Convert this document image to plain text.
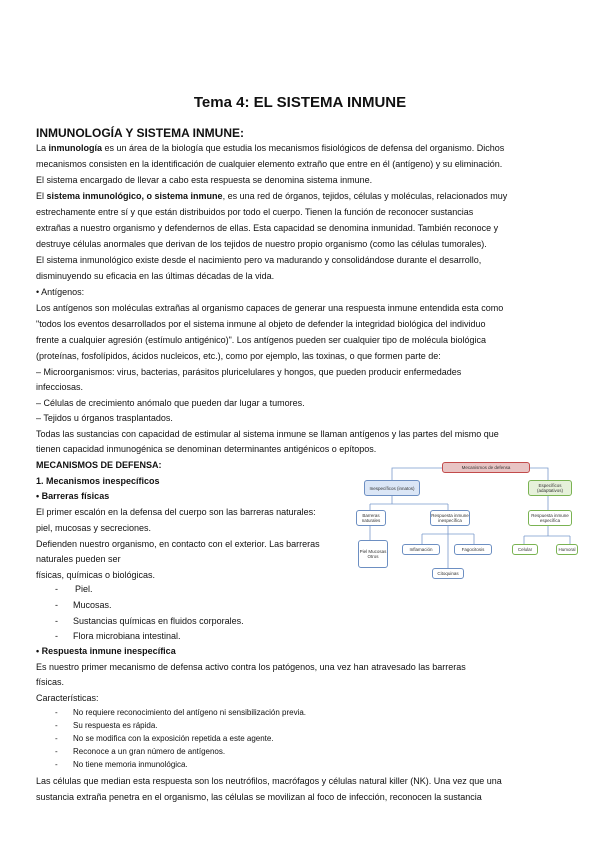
Tema 4: EL SISTEMA INMUNE
INMUNOLOGÍA Y SISTEMA INMUNE:
La inmunología es un área de la biología que estudia los mecanismos fisiológicos de defensa del organismo. Dichos
mecanismos consisten en la identificación de cualquier elemento extraño que entre en él (antígeno) y su eliminación.
El sistema encargado de llevar a cabo esta respuesta se denomina sistema inmune.
El sistema inmunológico, o sistema inmune, es una red de órganos, tejidos, células y moléculas, relacionados muy
estrechamente entre sí y que están distribuidos por todo el cuerpo. Tienen la función de reconocer sustancias
extrañas a nuestro organismo y defendernos de ellas. Esta capacidad se denomina inmunidad. También reconoce y
destruye células anormales que derivan de los tejidos de nuestro propio organismo (como las células tumorales).
El sistema inmunológico existe desde el nacimiento pero va madurando y consolidándose durante el desarrollo,
disminuyendo su eficacia en las últimas décadas de la vida.
• Antígenos:
Los antígenos son moléculas extrañas al organismo capaces de generar una respuesta inmune entendida esta como
"todos los eventos desarrollados por el sistema inmune al objeto de defender la integridad biológica del individuo
frente a cualquier agresión (estímulo antigénico)". Los antígenos pueden ser cualquier tipo de molécula biológica
(proteínas, fosfolípidos, ácidos nucleicos, etc.), como por ejemplo, las toxinas, o que formen parte de:
– Microorganismos: virus, bacterias, parásitos pluricelulares y hongos, que pueden producir enfermedades
infecciosas.
– Células de crecimiento anómalo que pueden dar lugar a tumores.
– Tejidos u órganos trasplantados.
Todas las sustancias con capacidad de estimular al sistema inmune se llaman antígenos y las partes del mismo que
tienen capacidad inmunogénica se denominan determinantes antigénicos o epítopos.
MECANISMOS DE DEFENSA:
1. Mecanismos inespecíficos
• Barreras físicas
El primer escalón en la defensa del cuerpo son las barreras naturales:
piel, mucosas y secreciones.
Defienden nuestro organismo, en contacto con el exterior. Las barreras
naturales pueden ser
físicas, químicas o biológicas.
- Piel.
- Mucosas.
- Sustancias químicas en fluidos corporales.
- Flora microbiana intestinal.
• Respuesta inmune inespecífica
Es nuestro primer mecanismo de defensa activo contra los patógenos, una vez han atravesado las barreras
físicas.
Características:
- No requiere reconocimiento del antígeno ni sensibilización previa.
- Su respuesta es rápida.
- No se modifica con la exposición repetida a este agente.
- Reconoce a un gran número de antígenos.
- No tiene memoria inmunológica.
Las células que median esta respuesta son los neutrófilos, macrófagos y células natural killer (NK). Una vez que una
sustancia extraña penetra en el organismo, las células se movilizan al foco de infección, reconocen la sustancia
Mecanismos de defensa
Inespecíficos (innatos)	Específicos (adaptativos)
Barreras naturales
Respuesta inmune inespecífica
Respuesta inmune específica
Piel Mucosas Otros
Inflamación	Fagocitosis
Citoquinas
Celular	Humoral
